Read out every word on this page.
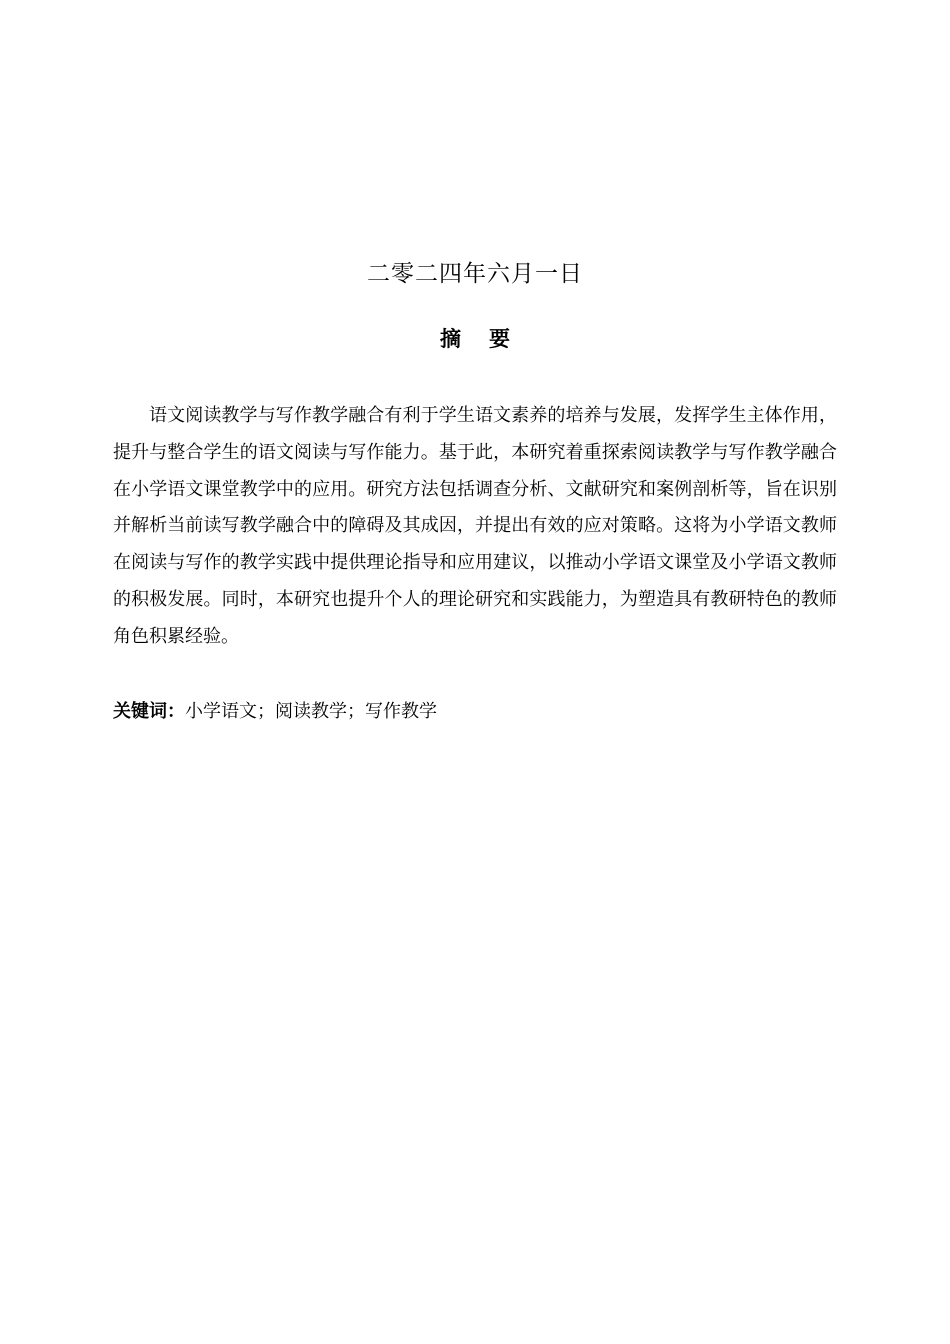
二零二四年六月一日
摘要

语文阅读教学与写作教学融合有利于学生语文素养的培养与发展，发挥学生主体作用，提升与整合学生的语文阅读与写作能力。基于此，本研究着重探索阅读教学与写作教学融合在小学语文课堂教学中的应用。研究方法包括调查分析、文献研究和案例剖析等，旨在识别并解析当前读写教学融合中的障碍及其成因，并提出有效的应对策略。这将为小学语文教师在阅读与写作的教学实践中提供理论指导和应用建议，以推动小学语文课堂及小学语文教师的积极发展。同时，本研究也提升个人的理论研究和实践能力，为塑造具有教研特色的教师角色积累经验。

关键词：小学语文；阅读教学；写作教学
